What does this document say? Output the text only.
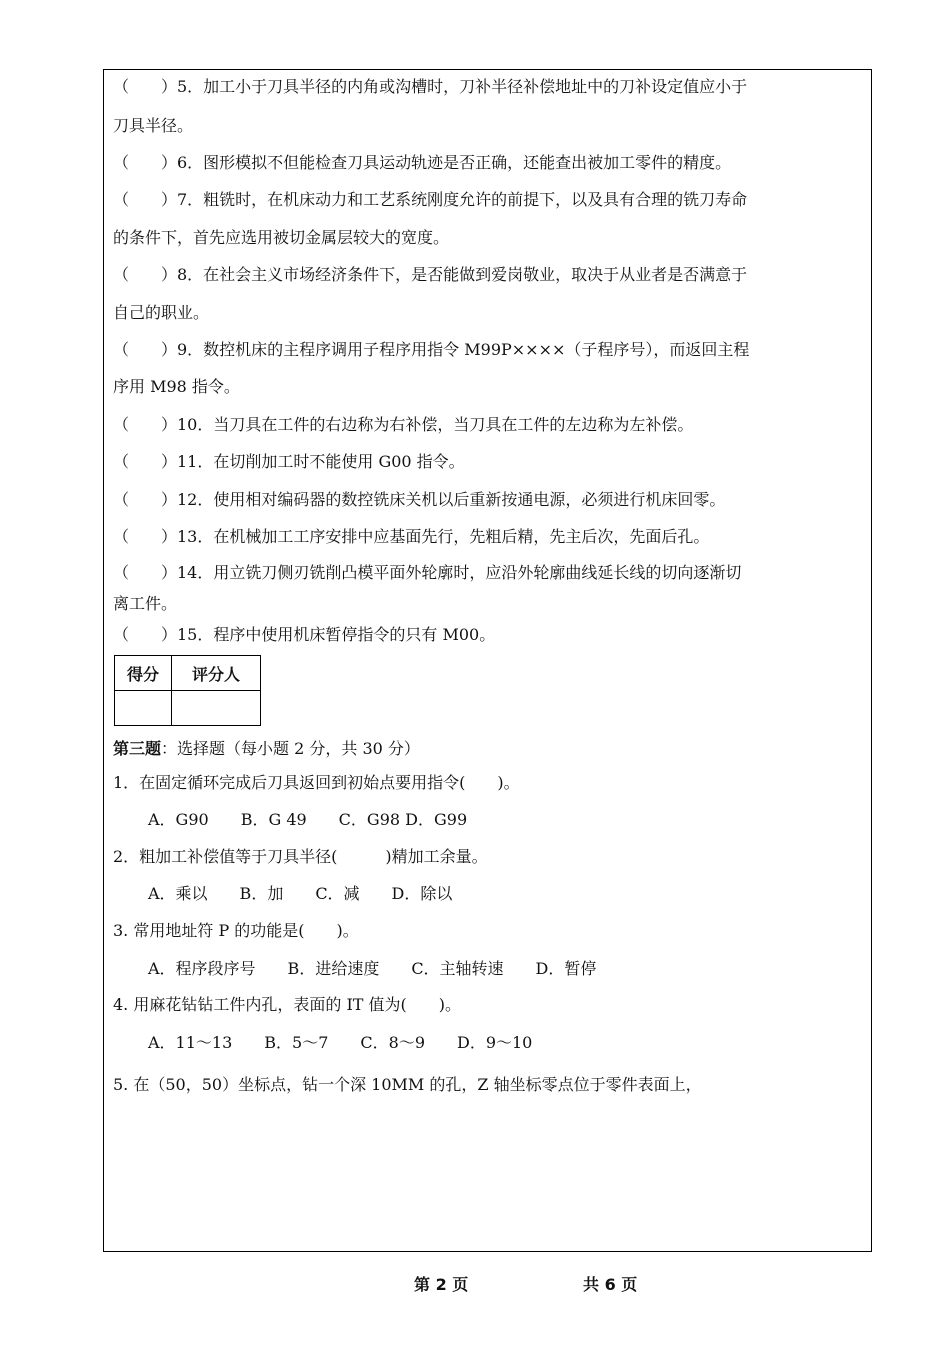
（　　）5．加工小于刀具半径的内角或沟槽时，刀补半径补偿地址中的刀补设定值应小于
刀具半径。
（　　）6．图形模拟不但能检查刀具运动轨迹是否正确，还能查出被加工零件的精度。
（　　）7．粗铣时，在机床动力和工艺系统刚度允许的前提下，以及具有合理的铣刀寿命
的条件下，首先应选用被切金属层较大的宽度。
（　　）8．在社会主义市场经济条件下，是否能做到爱岗敬业，取决于从业者是否满意于
自己的职业。
（　　）9．数控机床的主程序调用子程序用指令 M99P××××（子程序号），而返回主程
序用 M98 指令。
（　　）10．当刀具在工件的右边称为右补偿，当刀具在工件的左边称为左补偿。
（　　）11．在切削加工时不能使用 G00 指令。
（　　）12．使用相对编码器的数控铣床关机以后重新按通电源，必须进行机床回零。
（　　）13．在机械加工工序安排中应基面先行，先粗后精，先主后次，先面后孔。
（　　）14．用立铣刀侧刃铣削凸模平面外轮廓时，应沿外轮廓曲线延长线的切向逐渐切
离工件。
（　　）15．程序中使用机床暂停指令的只有 M00。
得分	评分人

第三题：选择题（每小题 2 分，共 30 分）
1．在固定循环完成后刀具返回到初始点要用指令(　　)。
A．G90　　B．G 49　　C．G98 D．G99
2．粗加工补偿值等于刀具半径(　　　)精加工余量。
A．乘以　　B．加　　C．减　　D．除以
3. 常用地址符 P 的功能是(　　)。
A．程序段序号　　B．进给速度　　C．主轴转速　　D．暂停
4. 用麻花钻钻工件内孔，表面的 IT 值为(　　)。
A．11～13　　B．5～7　　C．8～9　　D．9～10
5. 在（50，50）坐标点，钻一个深 10MM 的孔，Z 轴坐标零点位于零件表面上，
第 2 页	共 6 页
